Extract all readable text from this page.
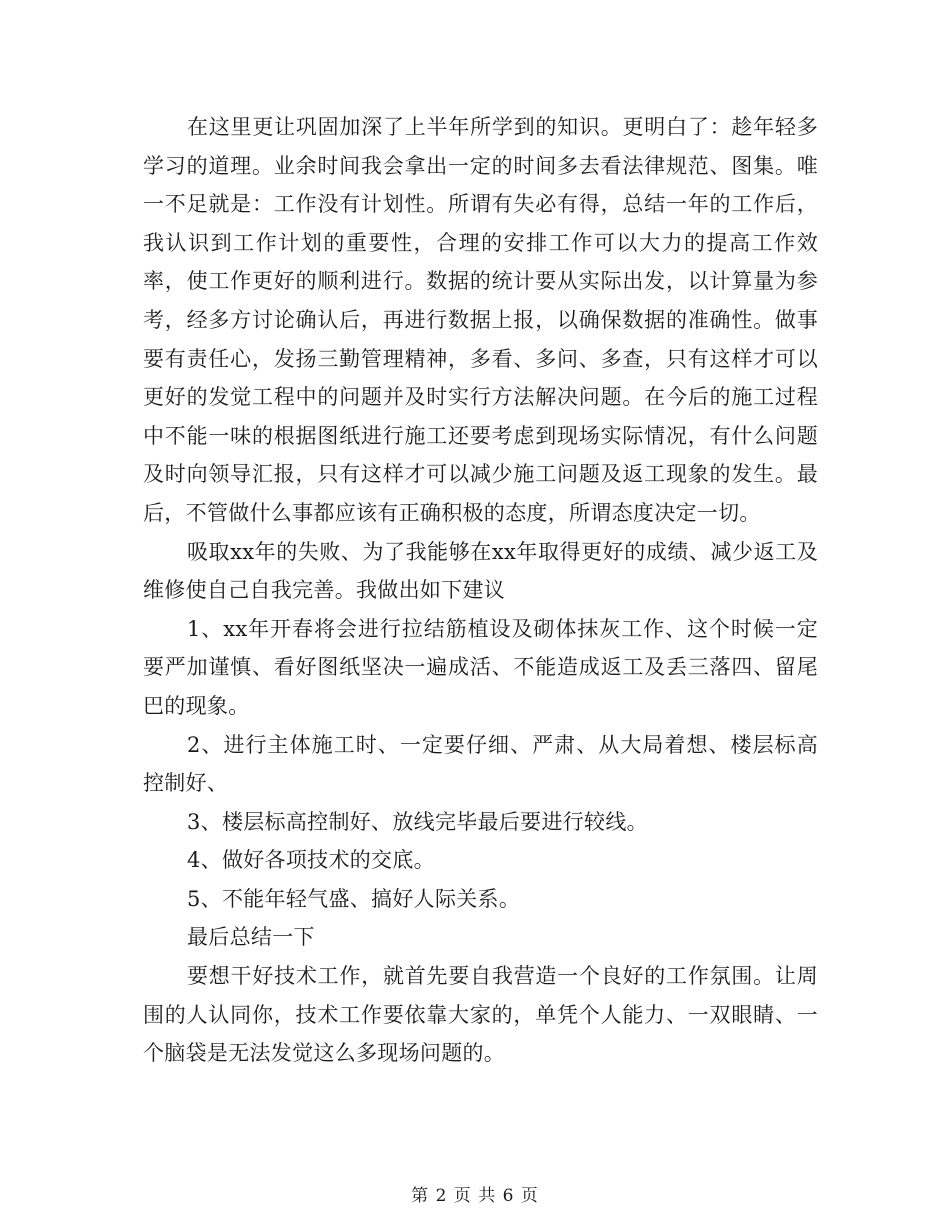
在这里更让巩固加深了上半年所学到的知识。更明白了：趁年轻多学习的道理。业余时间我会拿出一定的时间多去看法律规范、图集。唯一不足就是：工作没有计划性。所谓有失必有得，总结一年的工作后，我认识到工作计划的重要性，合理的安排工作可以大力的提高工作效率，使工作更好的顺利进行。数据的统计要从实际出发，以计算量为参考，经多方讨论确认后，再进行数据上报，以确保数据的准确性。做事要有责任心，发扬三勤管理精神，多看、多问、多查，只有这样才可以更好的发觉工程中的问题并及时实行方法解决问题。在今后的施工过程中不能一味的根据图纸进行施工还要考虑到现场实际情况，有什么问题及时向领导汇报，只有这样才可以减少施工问题及返工现象的发生。最后，不管做什么事都应该有正确积极的态度，所谓态度决定一切。

吸取xx年的失败、为了我能够在xx年取得更好的成绩、减少返工及维修使自己自我完善。我做出如下建议

1、xx年开春将会进行拉结筋植设及砌体抹灰工作、这个时候一定要严加谨慎、看好图纸坚决一遍成活、不能造成返工及丢三落四、留尾巴的现象。

2、进行主体施工时、一定要仔细、严肃、从大局着想、楼层标高控制好、

3、楼层标高控制好、放线完毕最后要进行较线。

4、做好各项技术的交底。

5、不能年轻气盛、搞好人际关系。

最后总结一下

要想干好技术工作，就首先要自我营造一个良好的工作氛围。让周围的人认同你，技术工作要依靠大家的，单凭个人能力、一双眼睛、一个脑袋是无法发觉这么多现场问题的。

第 2 页 共 6 页
